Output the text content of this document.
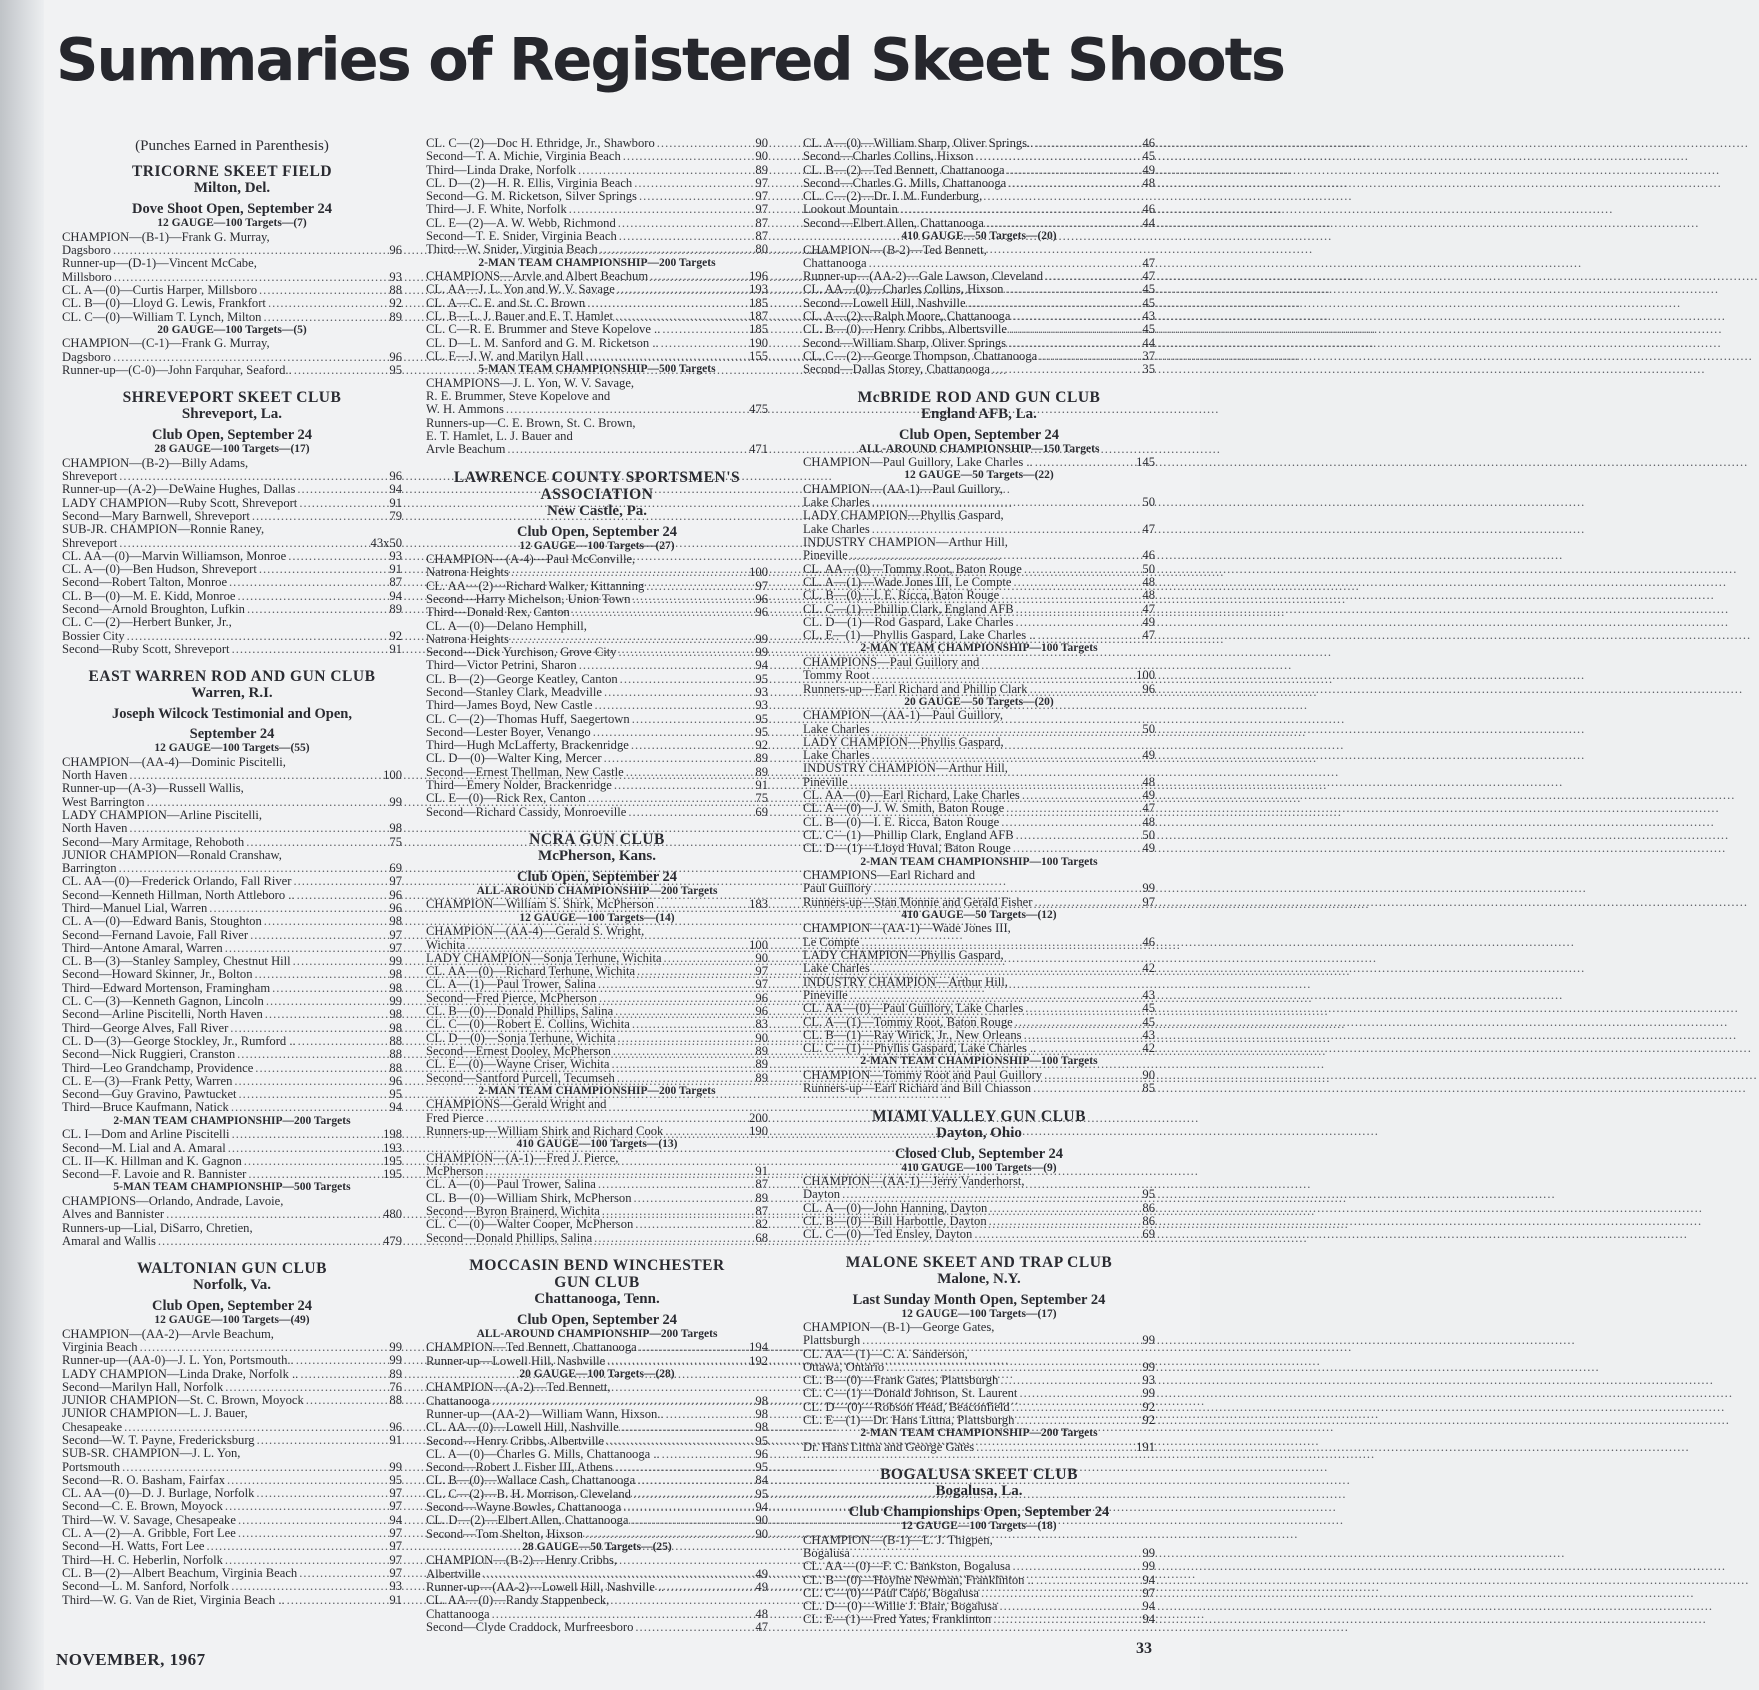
Summaries of Registered Skeet Shoots
(Punches Earned in Parenthesis)
TRICORNE SKEET FIELD
Milton, Del.
Dove Shoot Open, September 24
12 GAUGE—100 Targets—(7)
CHAMPION—(B-1)—Frank G. Murray,
Dagsboro .....	96
Runner-up—(D-1)—Vincent McCabe,
Millsboro .....	93
CL. A—(0)—Curtis Harper, Millsboro .....	88
CL. B—(0)—Lloyd G. Lewis, Frankfort .....	92
CL. C—(0)—William T. Lynch, Milton .....	89
20 GAUGE—100 Targets—(5)
CHAMPION—(C-1)—Frank G. Murray,
Dagsboro .....	96
Runner-up—(C-0)—John Farquhar, Seaford.. .....	95
SHREVEPORT SKEET CLUB
Shreveport, La.
Club Open, September 24
28 GAUGE—100 Targets—(17)
CHAMPION—(B-2)—Billy Adams,
Shreveport .....	96
Runner-up—(A-2)—DeWaine Hughes, Dallas .....	94
LADY CHAMPION—Ruby Scott, Shreveport .....	91
Second—Mary Barnwell, Shreveport .....	79
SUB-JR. CHAMPION—Ronnie Raney,
Shreveport .....	43x50
CL. AA—(0)—Marvin Williamson, Monroe .....	93
CL. A—(0)—Ben Hudson, Shreveport .....	91
Second—Robert Talton, Monroe .....	87
CL. B—(0)—M. E. Kidd, Monroe .....	94
Second—Arnold Broughton, Lufkin .....	89
CL. C—(2)—Herbert Bunker, Jr.,
Bossier City .....	92
Second—Ruby Scott, Shreveport .....	91
EAST WARREN ROD AND GUN CLUB
Warren, R.I.
Joseph Wilcock Testimonial and Open,
September 24
12 GAUGE—100 Targets—(55)
CHAMPION—(AA-4)—Dominic Piscitelli,
North Haven .....	100
Runner-up—(A-3)—Russell Wallis,
West Barrington .....	99
LADY CHAMPION—Arline Piscitelli,
North Haven .....	98
Second—Mary Armitage, Rehoboth .....	75
JUNIOR CHAMPION—Ronald Cranshaw,
Barrington .....	69
CL. AA—(0)—Frederick Orlando, Fall River .....	97
Second—Kenneth Hillman, North Attleboro .. .....	96
Third—Manuel Lial, Warren .....	96
CL. A—(0)—Edward Banis, Stoughton .....	98
Second—Fernand Lavoie, Fall River .....	97
Third—Antone Amaral, Warren .....	97
CL. B—(3)—Stanley Sampley, Chestnut Hill .....	99
Second—Howard Skinner, Jr., Bolton .....	98
Third—Edward Mortenson, Framingham .....	98
CL. C—(3)—Kenneth Gagnon, Lincoln .....	99
Second—Arline Piscitelli, North Haven .....	98
Third—George Alves, Fall River .....	98
CL. D—(3)—George Stockley, Jr., Rumford .. .....	88
Second—Nick Ruggieri, Cranston .....	88
Third—Leo Grandchamp, Providence .....	88
CL. E—(3)—Frank Petty, Warren .....	96
Second—Guy Gravino, Pawtucket .....	95
Third—Bruce Kaufmann, Natick .....	94
2-MAN TEAM CHAMPIONSHIP—200 Targets
CL. I—Dom and Arline Piscitelli .....	198
Second—M. Lial and A. Amaral .....	193
CL. II—K. Hillman and K. Gagnon .....	195
Second—F. Lavoie and R. Bannister .....	195
5-MAN TEAM CHAMPIONSHIP—500 Targets
CHAMPIONS—Orlando, Andrade, Lavoie,
Alves and Bannister .....	480
Runners-up—Lial, DiSarro, Chretien,
Amaral and Wallis .....	479
WALTONIAN GUN CLUB
Norfolk, Va.
Club Open, September 24
12 GAUGE—100 Targets—(49)
CHAMPION—(AA-2)—Arvle Beachum,
Virginia Beach .....	99
Runner-up—(AA-0)—J. L. Yon, Portsmouth.. .....	99
LADY CHAMPION—Linda Drake, Norfolk .. .....	89
Second—Marilyn Hall, Norfolk .....	76
JUNIOR CHAMPION—St. C. Brown, Moyock .....	88
JUNIOR CHAMPION—L. J. Bauer,
Chesapeake .....	96
Second—W. T. Payne, Fredericksburg .....	91
SUB-SR. CHAMPION—J. L. Yon,
Portsmouth .....	99
Second—R. O. Basham, Fairfax .....	95
CL. AA—(0)—D. J. Burlage, Norfolk .....	97
Second—C. E. Brown, Moyock .....	97
Third—W. V. Savage, Chesapeake .....	94
CL. A—(2)—A. Gribble, Fort Lee .....	97
Second—H. Watts, Fort Lee .....	97
Third—H. C. Heberlin, Norfolk .....	97
CL. B—(2)—Albert Beachum, Virginia Beach .....	97
Second—L. M. Sanford, Norfolk .....	93
Third—W. G. Van de Riet, Virginia Beach .. .....	91
CL. C—(2)—Doc H. Ethridge, Jr., Shawboro .....	90
Second—T. A. Michie, Virginia Beach .....	90
Third—Linda Drake, Norfolk .....	89
CL. D—(2)—H. R. Ellis, Virginia Beach .....	97
Second—G. M. Ricketson, Silver Springs .....	97
Third—J. F. White, Norfolk .....	97
CL. E—(2)—A. W. Webb, Richmond .....	87
Second—T. E. Snider, Virginia Beach .....	87
Third—W. Snider, Virginia Beach .....	80
2-MAN TEAM CHAMPIONSHIP—200 Targets
CHAMPIONS—Arvle and Albert Beachum .....	196
CL. AA—J. L. Yon and W. V. Savage .....	193
CL. A—C. E. and St. C. Brown .....	185
CL. B—L. J. Bauer and E. T. Hamlet .....	187
CL. C—R. E. Brummer and Steve Kopelove .. .....	185
CL. D—L. M. Sanford and G. M. Ricketson .. .....	190
CL. E—J. W. and Marilyn Hall .....	155
5-MAN TEAM CHAMPIONSHIP—500 Targets
CHAMPIONS—J. L. Yon, W. V. Savage,
R. E. Brummer, Steve Kopelove and
W. H. Ammons .....	475
Runners-up—C. E. Brown, St. C. Brown,
E. T. Hamlet, L. J. Bauer and
Arvle Beachum .....	471
LAWRENCE COUNTY SPORTSMEN'S
ASSOCIATION
New Castle, Pa.
Club Open, September 24
12 GAUGE—100 Targets—(27)
CHAMPION—(A-4)—Paul McConville,
Natrona Heights .....	100
CL. AA—(2)—Richard Walker, Kittanning .....	97
Second—Harry Michelson, Union Town .....	96
Third—Donald Rex, Canton .....	96
CL. A—(0)—Delano Hemphill,
Natrona Heights .....	99
Second—Dick Yurchison, Grove City .....	99
Third—Victor Petrini, Sharon .....	94
CL. B—(2)—George Keatley, Canton .....	95
Second—Stanley Clark, Meadville .....	93
Third—James Boyd, New Castle .....	93
CL. C—(2)—Thomas Huff, Saegertown .....	95
Second—Lester Boyer, Venango .....	95
Third—Hugh McLafferty, Brackenridge .....	92
CL. D—(0)—Walter King, Mercer .....	89
Second—Ernest Thellman, New Castle .....	89
Third—Emery Nolder, Brackenridge .....	91
CL. E—(0)—Rick Rex, Canton .....	75
Second—Richard Cassidy, Monroeville .....	69
NCRA GUN CLUB
McPherson, Kans.
Club Open, September 24
ALL-AROUND CHAMPIONSHIP—200 Targets
CHAMPION—William S. Shirk, McPherson .....	183
12 GAUGE—100 Targets—(14)
CHAMPION—(AA-4)—Gerald S. Wright,
Wichita .....	100
LADY CHAMPION—Sonja Terhune, Wichita .....	90
CL. AA—(0)—Richard Terhune, Wichita .....	97
CL. A—(1)—Paul Trower, Salina .....	97
Second—Fred Pierce, McPherson .....	96
CL. B—(0)—Donald Phillips, Salina .....	96
CL. C—(0)—Robert E. Collins, Wichita .....	83
CL. D—(0)—Sonja Terhune, Wichita .....	90
Second—Ernest Dooley, McPherson .....	89
CL. E—(0)—Wayne Criser, Wichita .....	89
Second—Santford Purcell, Tecumseh .....	89
2-MAN TEAM CHAMPIONSHIP—200 Targets
CHAMPIONS—Gerald Wright and
Fred Pierce .....	200
Runners-up—William Shirk and Richard Cook .....	190
410 GAUGE—100 Targets—(13)
CHAMPION—(A-1)—Fred J. Pierce,
McPherson .....	91
CL. A—(0)—Paul Trower, Salina .....	87
CL. B—(0)—William Shirk, McPherson .....	89
Second—Byron Brainerd, Wichita .....	87
CL. C—(0)—Walter Cooper, McPherson .....	82
Second—Donald Phillips, Salina .....	68
MOCCASIN BEND WINCHESTER
GUN CLUB
Chattanooga, Tenn.
Club Open, September 24
ALL-AROUND CHAMPIONSHIP—200 Targets
CHAMPION—Ted Bennett, Chattanooga .....	194
Runner-up—Lowell Hill, Nashville .....	192
20 GAUGE—100 Targets—(28)
CHAMPION—(A-2)—Ted Bennett,
Chattanooga .....	98
Runner-up—(AA-2)—William Wann, Hixson.. .....	98
CL. AA—(0)—Lowell Hill, Nashville .....	98
Second—Henry Cribbs, Albertville .....	95
CL. A—(0)—Charles G. Mills, Chattanooga .. .....	96
Second—Robert J. Fisher III, Athens .....	95
CL. B—(0)—Wallace Cash, Chattanooga .....	84
CL. C—(2)—B. H. Morrison, Cleveland .....	95
Second—Wayne Bowles, Chattanooga .....	94
CL. D—(2)—Elbert Allen, Chattanooga .....	90
Second—Tom Shelton, Hixson .....	90
28 GAUGE—50 Targets—(25)
CHAMPION—(B-2)—Henry Cribbs,
Albertville .....	49
Runner-up—(AA-2)—Lowell Hill, Nashville .. .....	49
CL. AA—(0)—Randy Stappenbeck,
Chattanooga .....	48
Second—Clyde Craddock, Murfreesboro .....	47
CL. A—(0)—William Sharp, Oliver Springs.. .....	46
Second—Charles Collins, Hixson .....	45
CL. B—(2)—Ted Bennett, Chattanooga .....	49
Second—Charles G. Mills, Chattanooga .....	48
CL. C—(2)—Dr. I. M. Funderburg,
Lookout Mountain .....	46
Second—Elbert Allen, Chattanooga .....	44
410 GAUGE—50 Targets—(20)
CHAMPION—(B-2)—Ted Bennett,
Chattanooga .....	47
Runner-up—(AA-2)—Gale Lawson, Cleveland .....	47
CL. AA—(0)—Charles Collins, Hixson .....	45
Second—Lowell Hill, Nashville .....	45
CL. A—(2)—Ralph Moore, Chattanooga .....	43
CL. B—(0)—Henry Cribbs, Albertsville .....	45
Second—William Sharp, Oliver Springs .....	44
CL. C—(2)—George Thompson, Chattanooga .....	37
Second—Dallas Storey, Chattanooga .....	35
McBRIDE ROD AND GUN CLUB
England AFB, La.
Club Open, September 24
ALL-AROUND CHAMPIONSHIP—150 Targets
CHAMPION—Paul Guillory, Lake Charles .. .....	145
12 GAUGE—50 Targets—(22)
CHAMPION—(AA-1)—Paul Guillory,
Lake Charles .....	50
LADY CHAMPION—Phyllis Gaspard,
Lake Charles .....	47
INDUSTRY CHAMPION—Arthur Hill,
Pineville .....	46
CL. AA—(0)—Tommy Root, Baton Rouge .....	50
CL. A—(1)—Wade Jones III, Le Compte .....	48
CL. B—(0)—I. E. Ricca, Baton Rouge .....	48
CL. C—(1)—Phillip Clark, England AFB .....	47
CL. D—(1)—Rod Gaspard, Lake Charles .....	49
CL. E—(1)—Phyllis Gaspard, Lake Charles .. .....	47
2-MAN TEAM CHAMPIONSHIP—100 Targets
CHAMPIONS—Paul Guillory and
Tommy Root .....	100
Runners-up—Earl Richard and Phillip Clark .....	96
20 GAUGE—50 Targets—(20)
CHAMPION—(AA-1)—Paul Guillory,
Lake Charles .....	50
LADY CHAMPION—Phyllis Gaspard,
Lake Charles .....	49
INDUSTRY CHAMPION—Arthur Hill,
Pineville .....	48
CL. AA—(0)—Earl Richard, Lake Charles .....	49
CL. A—(0)—J. W. Smith, Baton Rouge .....	47
CL. B—(0)—I. E. Ricca, Baton Rouge .....	48
CL. C—(1)—Phillip Clark, England AFB .....	50
CL. D—(1)—Lloyd Huval, Baton Rouge .....	49
2-MAN TEAM CHAMPIONSHIP—100 Targets
CHAMPIONS—Earl Richard and
Paul Guillory .....	99
Runners-up—Stan Monnie and Gerald Fisher .....	97
410 GAUGE—50 Targets—(12)
CHAMPION—(AA-1)—Wade Jones III,
Le Compte .....	46
LADY CHAMPION—Phyllis Gaspard,
Lake Charles .....	42
INDUSTRY CHAMPION—Arthur Hill,
Pineville .....	43
CL. AA—(0)—Paul Guillory, Lake Charles .....	45
CL. A—(1)—Tommy Root, Baton Rouge .....	45
CL. B—(1)—Ray Wirick, Jr., New Orleans .....	43
CL. C—(1)—Phyllis Gaspard, Lake Charles .. .....	42
2-MAN TEAM CHAMPIONSHIP—100 Targets
CHAMPION—Tommy Root and Paul Guillory .....	90
Runners-up—Earl Richard and Bill Chiasson .....	85
MIAMI VALLEY GUN CLUB
Dayton, Ohio
Closed Club, September 24
410 GAUGE—100 Targets—(9)
CHAMPION—(AA-1)—Jerry Vanderhorst,
Dayton .....	95
CL. A—(0)—John Hanning, Dayton .....	86
CL. B—(0)—Bill Harbottle, Dayton .....	86
CL. C—(0)—Ted Ensley, Dayton .....	69
MALONE SKEET AND TRAP CLUB
Malone, N.Y.
Last Sunday Month Open, September 24
12 GAUGE—100 Targets—(17)
CHAMPION—(B-1)—George Gates,
Plattsburgh .....	99
CL. AA—(1)—C. A. Sanderson,
Ottawa, Ontario .....	99
CL. B—(0)—Frank Gates, Plattsburgh .....	93
CL. C—(1)—Donald Johnson, St. Laurent .....	99
CL. D—(0)—Robson Head, Beaconfield .....	92
CL. E—(1)—Dr. Hans Littna, Plattsburgh .....	92
2-MAN TEAM CHAMPIONSHIP—200 Targets
Dr. Hans Littna and George Gates .....	191
BOGALUSA SKEET CLUB
Bogalusa, La.
Club Championships Open, September 24
12 GAUGE—100 Targets—(18)
CHAMPION—(B-1)—L. J. Thigpen,
Bogalusa .....	99
CL. AA—(0)—F. C. Bankston, Bogalusa .....	99
CL. B—(0)—Hoylne Newman, Franklinton .. .....	94
CL. C—(0)—Paul Capo, Bogalusa .....	97
CL. D—(0)—Willie J. Blair, Bogalusa .....	94
CL. E—(1)—Fred Yates, Franklinton .....	94
NOVEMBER, 1967
33
